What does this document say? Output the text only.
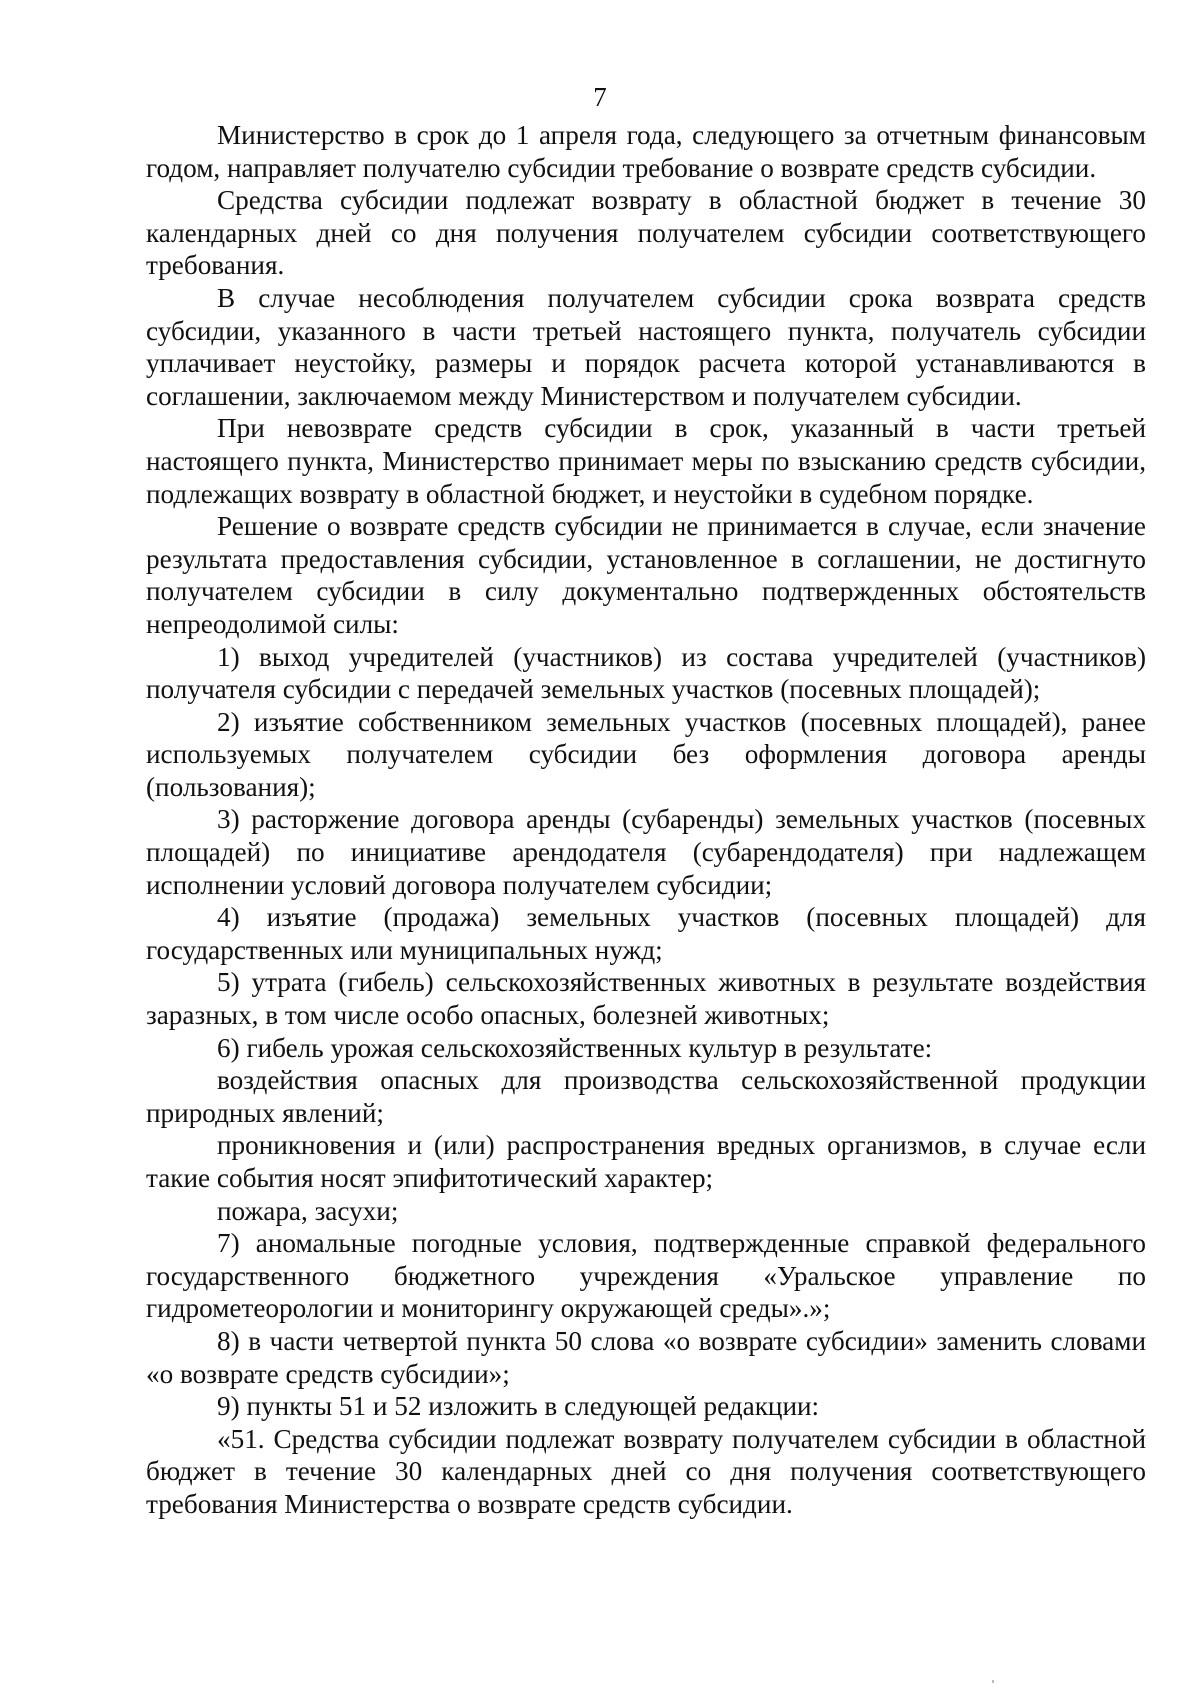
7

Министерство в срок до 1 апреля года, следующего за отчетным финансовым годом, направляет получателю субсидии требование о возврате средств субсидии.

Средства субсидии подлежат возврату в областной бюджет в течение 30 календарных дней со дня получения получателем субсидии соответствующего требования.

В случае несоблюдения получателем субсидии срока возврата средств субсидии, указанного в части третьей настоящего пункта, получатель субсидии уплачивает неустойку, размеры и порядок расчета которой устанавливаются в соглашении, заключаемом между Министерством и получателем субсидии.

При невозврате средств субсидии в срок, указанный в части третьей настоящего пункта, Министерство принимает меры по взысканию средств субсидии, подлежащих возврату в областной бюджет, и неустойки в судебном порядке.

Решение о возврате средств субсидии не принимается в случае, если значение результата предоставления субсидии, установленное в соглашении, не достигнуто получателем субсидии в силу документально подтвержденных обстоятельств непреодолимой силы:

1) выход учредителей (участников) из состава учредителей (участников) получателя субсидии с передачей земельных участков (посевных площадей);

2) изъятие собственником земельных участков (посевных площадей), ранее используемых получателем субсидии без оформления договора аренды (пользования);

3) расторжение договора аренды (субаренды) земельных участков (посевных площадей) по инициативе арендодателя (субарендодателя) при надлежащем исполнении условий договора получателем субсидии;

4) изъятие (продажа) земельных участков (посевных площадей) для государственных или муниципальных нужд;

5) утрата (гибель) сельскохозяйственных животных в результате воздействия заразных, в том числе особо опасных, болезней животных;

6) гибель урожая сельскохозяйственных культур в результате:

воздействия опасных для производства сельскохозяйственной продукции природных явлений;

проникновения и (или) распространения вредных организмов, в случае если такие события носят эпифитотический характер;

пожара, засухи;

7) аномальные погодные условия, подтвержденные справкой федерального государственного бюджетного учреждения «Уральское управление по гидрометеорологии и мониторингу окружающей среды».»;

8) в части четвертой пункта 50 слова «о возврате субсидии» заменить словами «о возврате средств субсидии»;

9) пункты 51 и 52 изложить в следующей редакции:

«51. Средства субсидии подлежат возврату получателем субсидии в областной бюджет в течение 30 календарных дней со дня получения соответствующего требования Министерства о возврате средств субсидии.
